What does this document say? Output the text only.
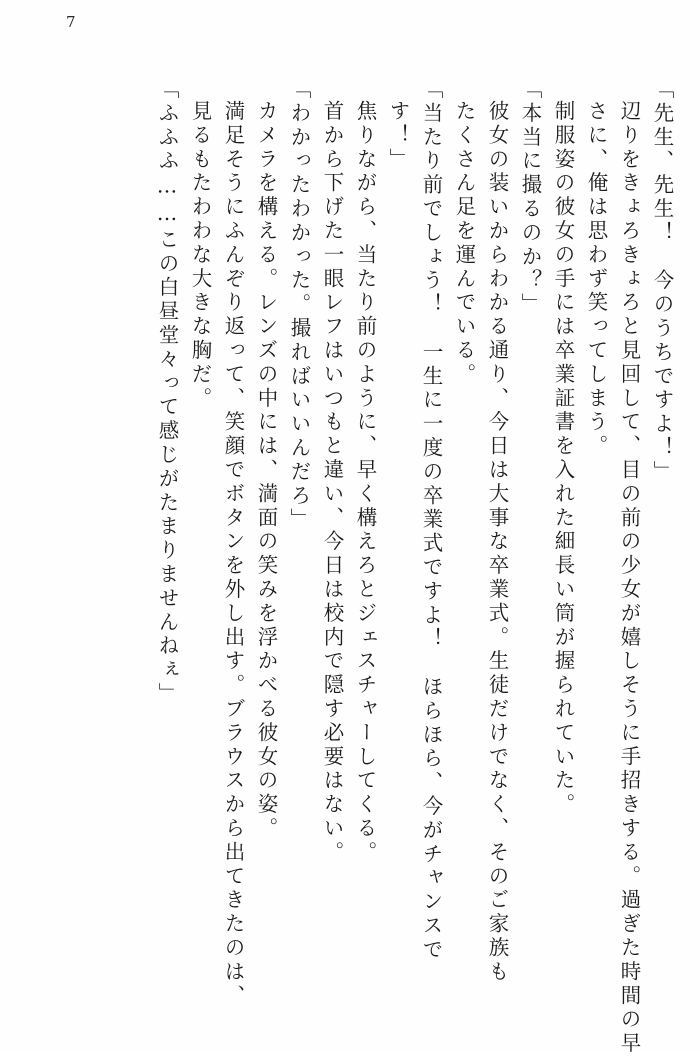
7
「先生、先生！　今のうちですよ！」
辺りをきょろきょろと見回して、目の前の少女が嬉しそうに手招きする。過ぎた時間の早
さに、俺は思わず笑ってしまう。
制服姿の彼女の手には卒業証書を入れた細長い筒が握られていた。
「本当に撮るのか？」
彼女の装いからわかる通り、今日は大事な卒業式。生徒だけでなく、そのご家族も
たくさん足を運んでいる。
「当たり前でしょう！　一生に一度の卒業式ですよ！　ほらほら、今がチャンスで
す！」
焦りながら、当たり前のように、早く構えろとジェスチャーしてくる。
首から下げた一眼レフはいつもと違い、今日は校内で隠す必要はない。
「わかったわかった。撮ればいいんだろ」
カメラを構える。レンズの中には、満面の笑みを浮かべる彼女の姿。
満足そうにふんぞり返って、笑顔でボタンを外し出す。ブラウスから出てきたのは、
見るもたわわな大きな胸だ。
「ふふふ……この白昼堂々って感じがたまりませんねぇ」
